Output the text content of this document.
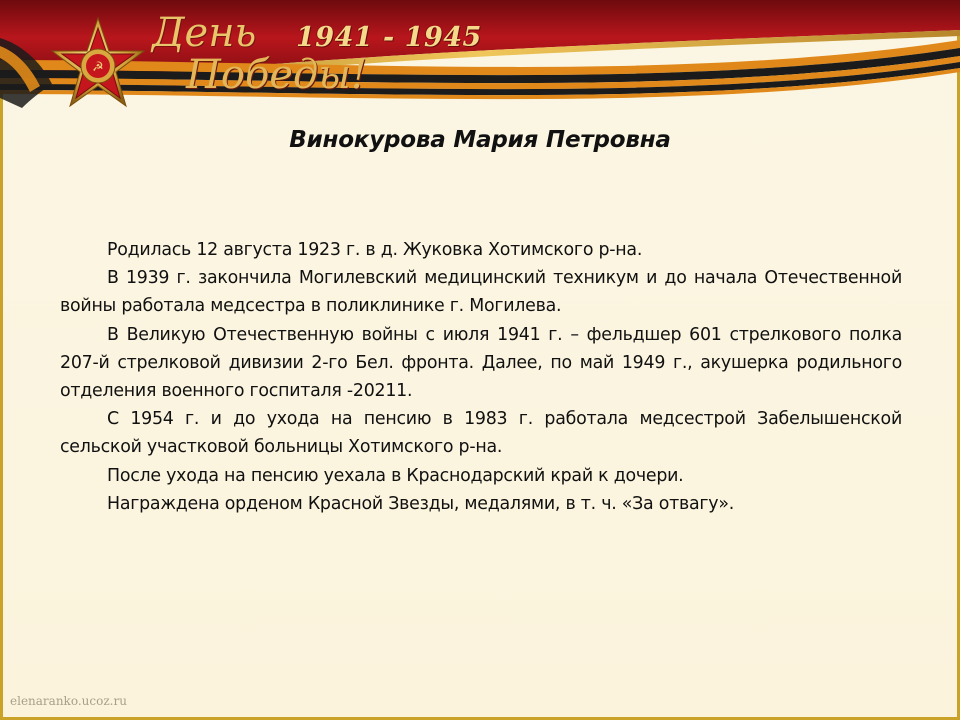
☭
День
Победы!
1941 - 1945
Винокурова Мария Петровна

Родилась 12 августа 1923 г. в д. Жуковка Хотимского р-на.

В 1939 г. закончила Могилевский медицинский техникум и до начала Отечественной войны работала медсестра в поликлинике г. Могилева.

В Великую Отечественную войны с июля 1941 г. – фельдшер 601 стрелкового полка 207-й стрелковой дивизии 2-го Бел. фронта. Далее, по май 1949 г., акушерка родильного отделения военного госпиталя -20211.

С 1954 г. и до ухода на пенсию в 1983 г. работала медсестрой Забелышенской сельской участковой больницы Хотимского р-на.

После ухода на пенсию уехала в Краснодарский край к дочери.

Награждена орденом Красной Звезды, медалями, в т. ч. «За отвагу».

elenaranko.ucoz.ru
